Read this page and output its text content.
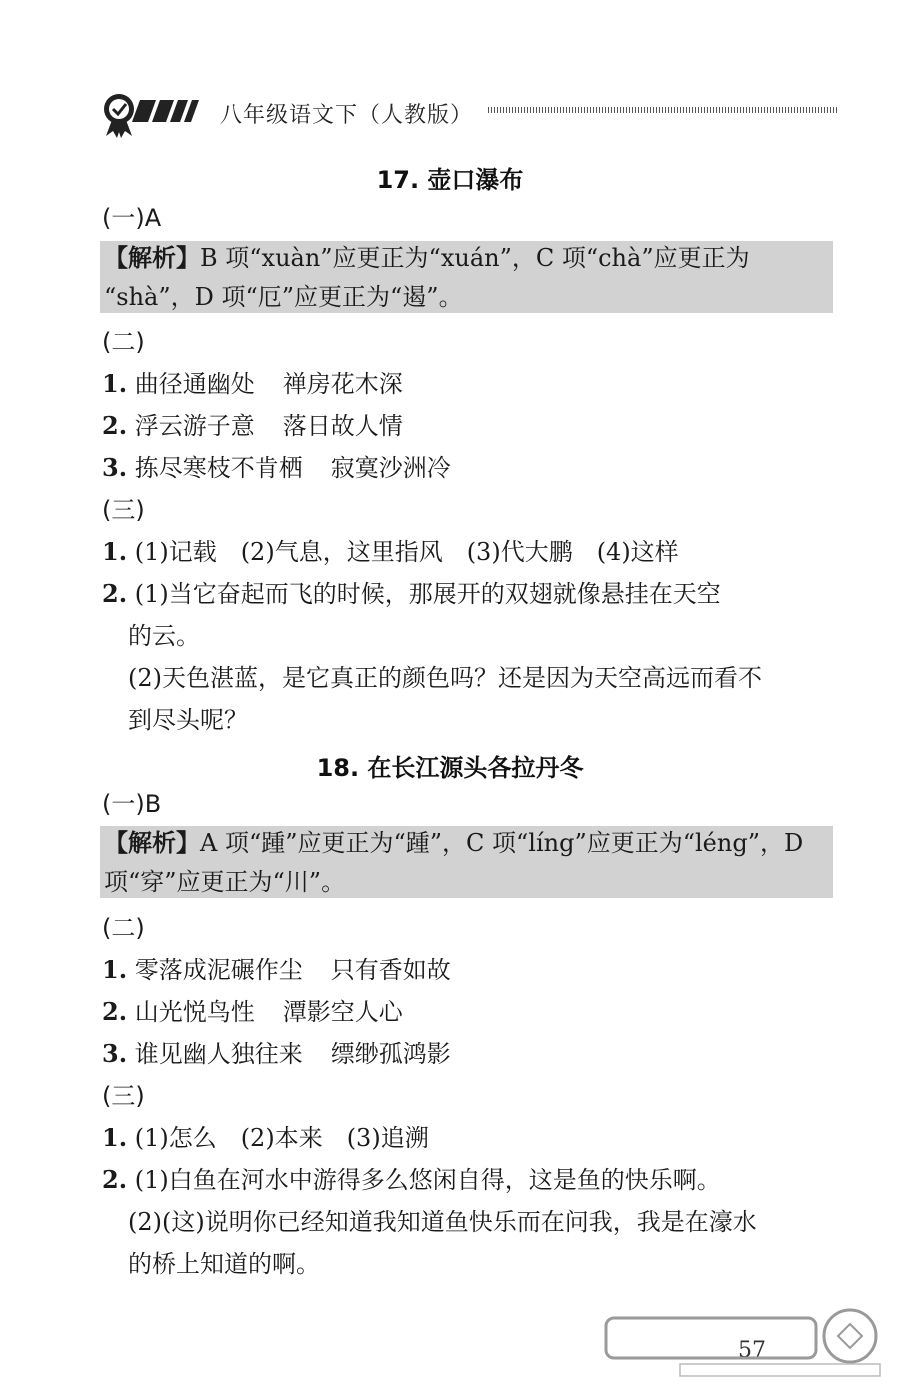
八年级语文下（人教版）
17. 壶口瀑布
(一)A
【解析】B 项“xuàn”应更正为“xuán”，C 项“chà”应更正为
“shà”，D 项“厄”应更正为“遏”。
(二)
1. 曲径通幽处 禅房花木深
2. 浮云游子意 落日故人情
3. 拣尽寒枝不肯栖 寂寞沙洲冷
(三)
1. (1)记载　(2)气息，这里指风　(3)代大鹏　(4)这样
2. (1)当它奋起而飞的时候，那展开的双翅就像悬挂在天空
的云。
(2)天色湛蓝，是它真正的颜色吗？还是因为天空高远而看不
到尽头呢？
18. 在长江源头各拉丹冬
(一)B
【解析】A 项“踵”应更正为“踵”，C 项“líng”应更正为“léng”，D
项“穿”应更正为“川”。
(二)
1. 零落成泥碾作尘 只有香如故
2. 山光悦鸟性 潭影空人心
3. 谁见幽人独往来 缥缈孤鸿影
(三)
1. (1)怎么　(2)本来　(3)追溯
2. (1)白鱼在河水中游得多么悠闲自得，这是鱼的快乐啊。
(2)(这)说明你已经知道我知道鱼快乐而在问我，我是在濠水
的桥上知道的啊。
57
